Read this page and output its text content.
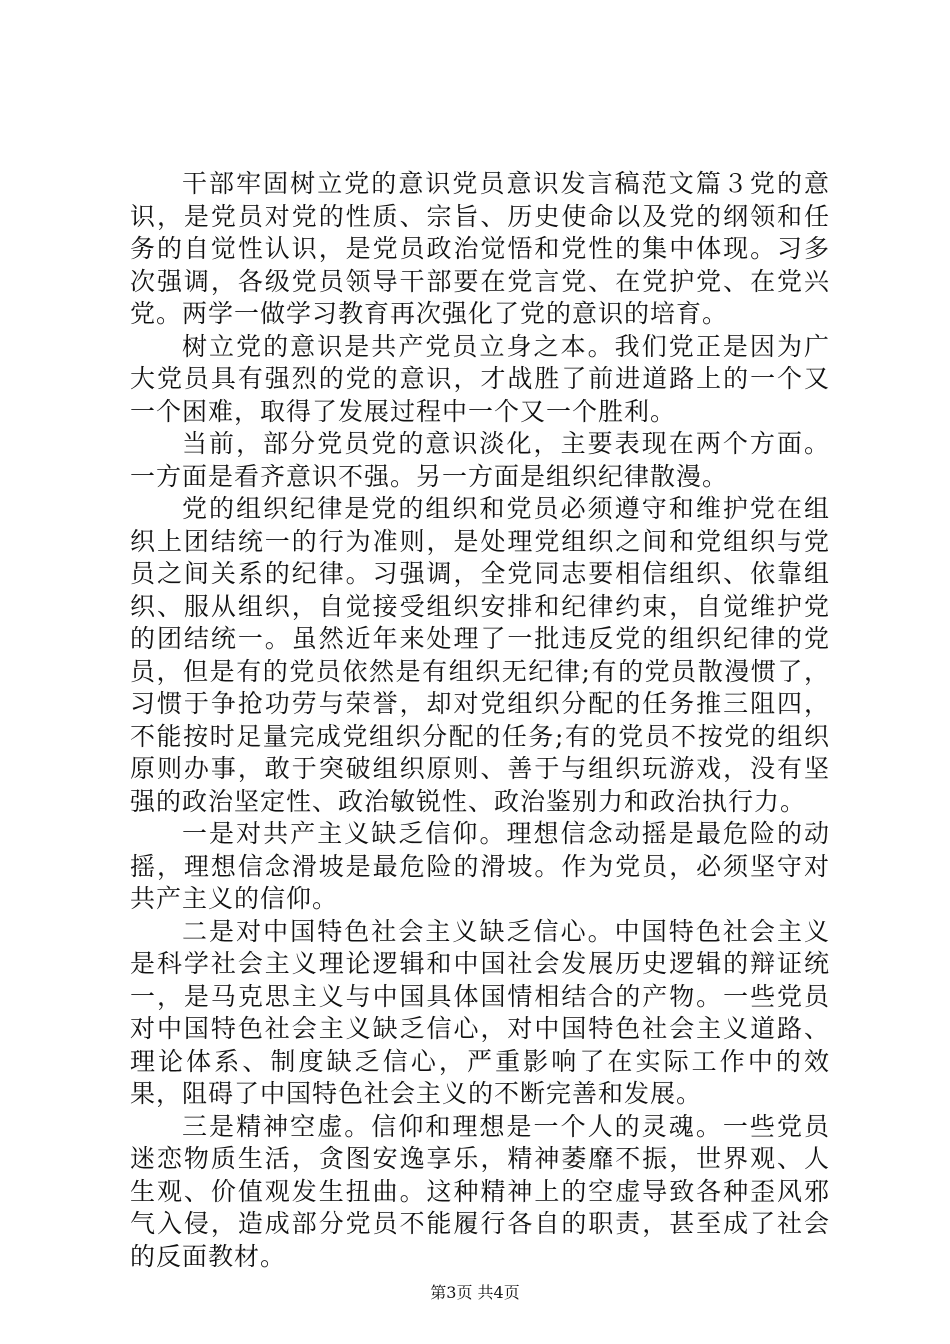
干部牢固树立党的意识党员意识发言稿范文篇３党的意识，是党员对党的性质、宗旨、历史使命以及党的纲领和任务的自觉性认识，是党员政治觉悟和党性的集中体现。习多次强调，各级党员领导干部要在党言党、在党护党、在党兴党。两学一做学习教育再次强化了党的意识的培育。

树立党的意识是共产党员立身之本。我们党正是因为广大党员具有强烈的党的意识，才战胜了前进道路上的一个又一个困难，取得了发展过程中一个又一个胜利。

当前，部分党员党的意识淡化，主要表现在两个方面。一方面是看齐意识不强。另一方面是组织纪律散漫。

党的组织纪律是党的组织和党员必须遵守和维护党在组织上团结统一的行为准则，是处理党组织之间和党组织与党员之间关系的纪律。习强调，全党同志要相信组织、依靠组织、服从组织，自觉接受组织安排和纪律约束，自觉维护党的团结统一。虽然近年来处理了一批违反党的组织纪律的党员，但是有的党员依然是有组织无纪律;有的党员散漫惯了，习惯于争抢功劳与荣誉，却对党组织分配的任务推三阻四，不能按时足量完成党组织分配的任务;有的党员不按党的组织原则办事，敢于突破组织原则、善于与组织玩游戏，没有坚强的政治坚定性、政治敏锐性、政治鉴别力和政治执行力。

一是对共产主义缺乏信仰。理想信念动摇是最危险的动摇，理想信念滑坡是最危险的滑坡。作为党员，必须坚守对共产主义的信仰。

二是对中国特色社会主义缺乏信心。中国特色社会主义是科学社会主义理论逻辑和中国社会发展历史逻辑的辩证统一，是马克思主义与中国具体国情相结合的产物。一些党员对中国特色社会主义缺乏信心，对中国特色社会主义道路、理论体系、制度缺乏信心，严重影响了在实际工作中的效果，阻碍了中国特色社会主义的不断完善和发展。

三是精神空虚。信仰和理想是一个人的灵魂。一些党员迷恋物质生活，贪图安逸享乐，精神萎靡不振，世界观、人生观、价值观发生扭曲。这种精神上的空虚导致各种歪风邪气入侵，造成部分党员不能履行各自的职责，甚至成了社会的反面教材。

第3页 共4页
